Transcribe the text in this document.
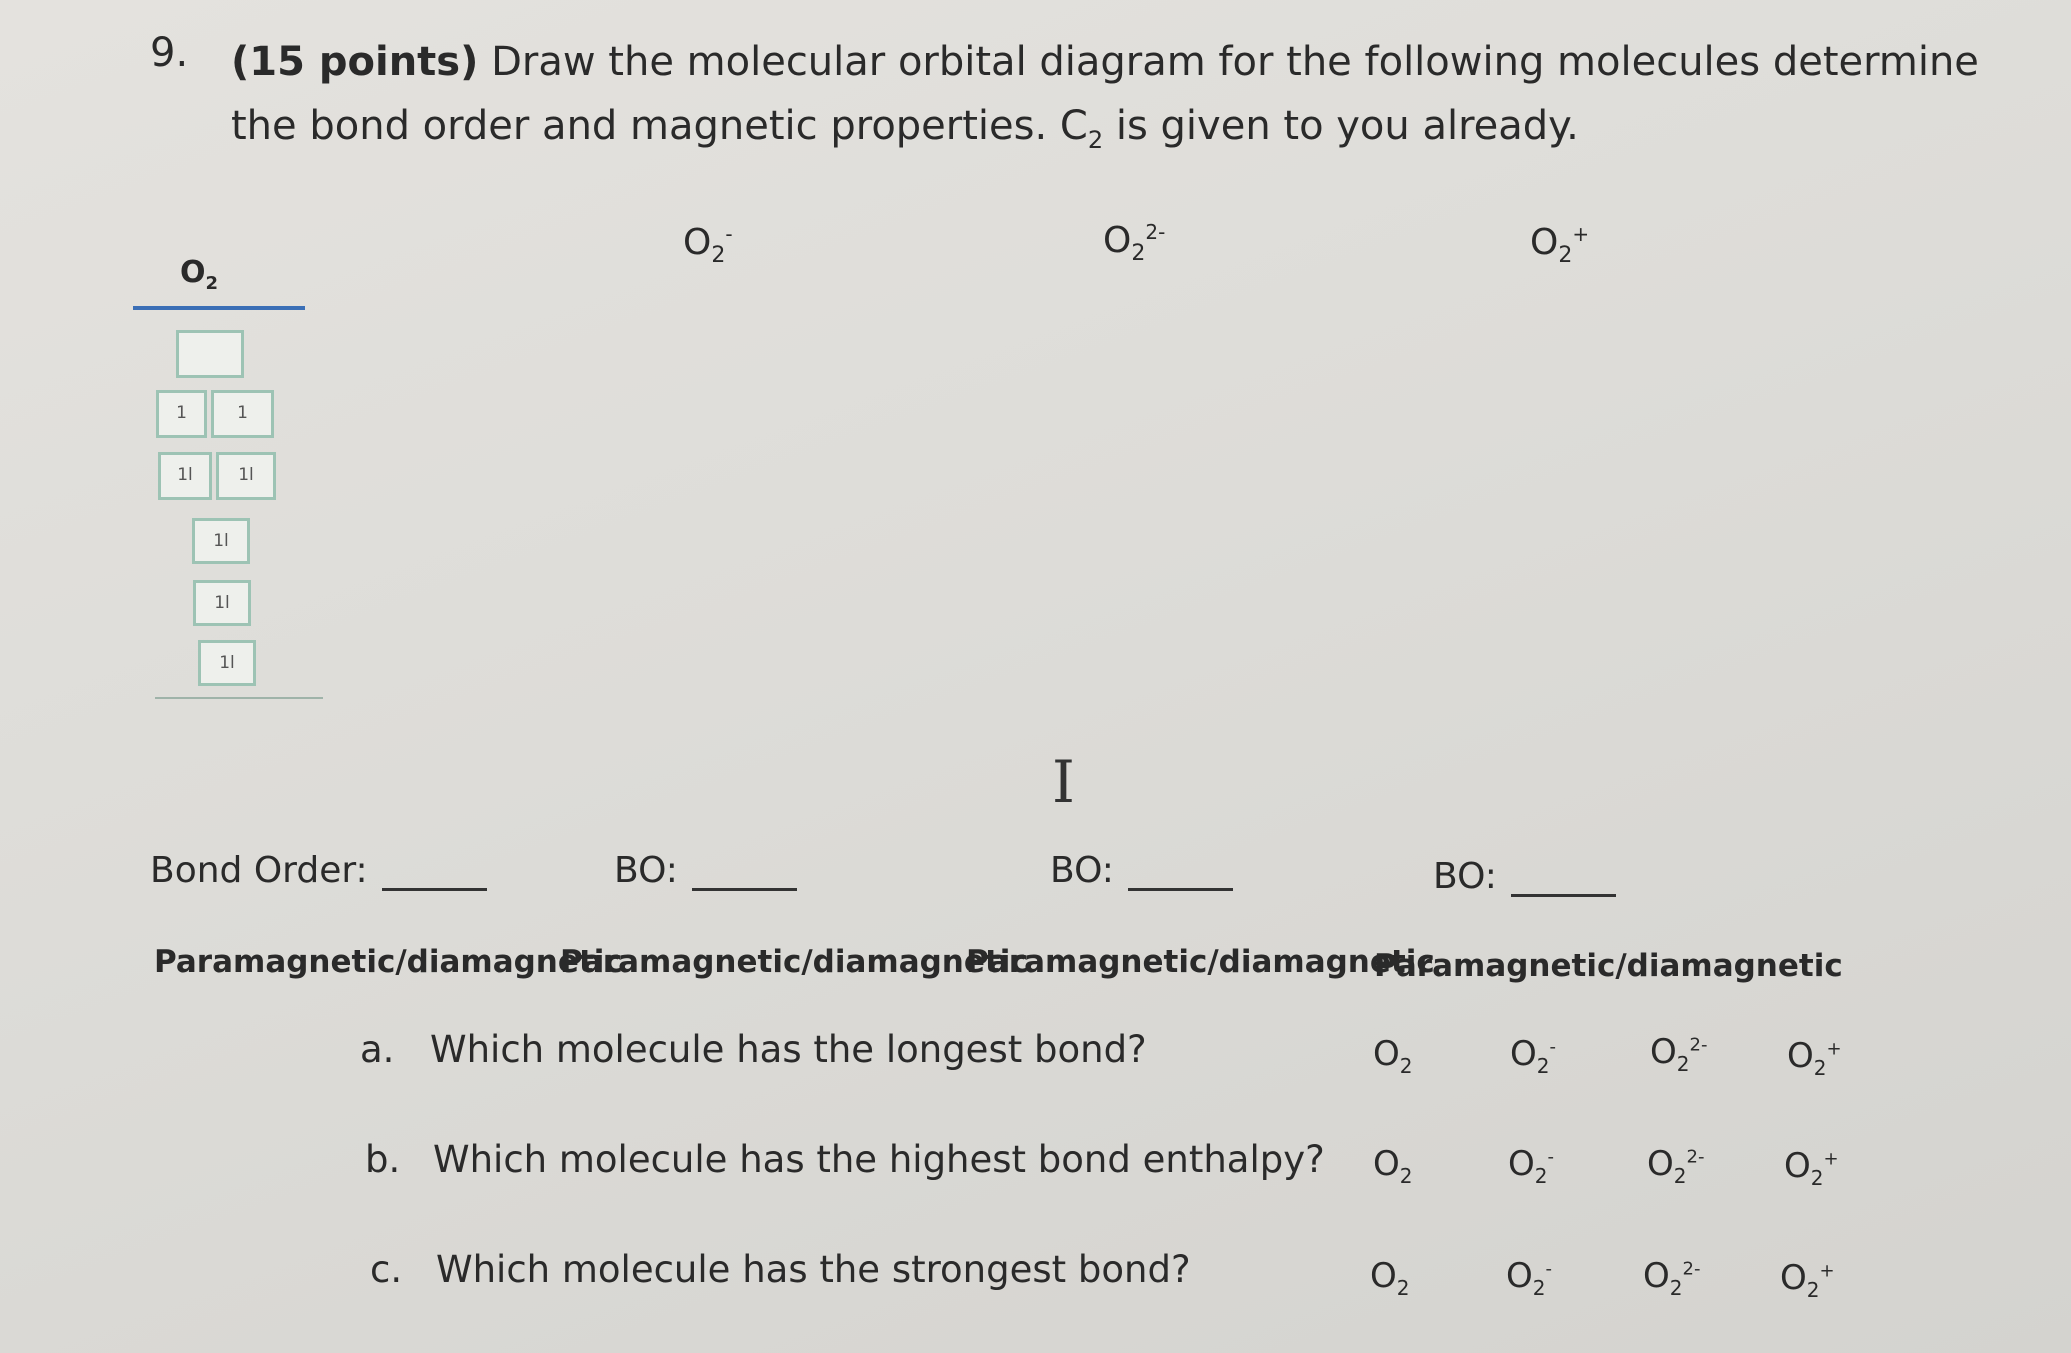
9. (15 points) Draw the molecular orbital diagram for the following molecules determine the bond order and magnetic properties. $C_2$ is given to you already.
$O_2$
1	1
1l	1l
1l
1l
1l
$O_2^-$	$O_2^{2-}$	$O_2^+$
I
Bond Order:	BO:	BO:	BO:
Paramagnetic/diamagnetic
Paramagnetic/diamagnetic
Paramagnetic/diamagnetic
Paramagnetic/diamagnetic
a. Which molecule has the longest bond?	$O_2$	$O_2^-$	$O_2^{2-}$ $O_2^+$
b. Which molecule has the highest bond enthalpy? $O_2$	$O_2^-$	$O_2^{2-}$ $O_2^+$
c. Which molecule has the strongest bond?	$O_2$	$O_2^-$	$O_2^{2-}$ $O_2^+$
